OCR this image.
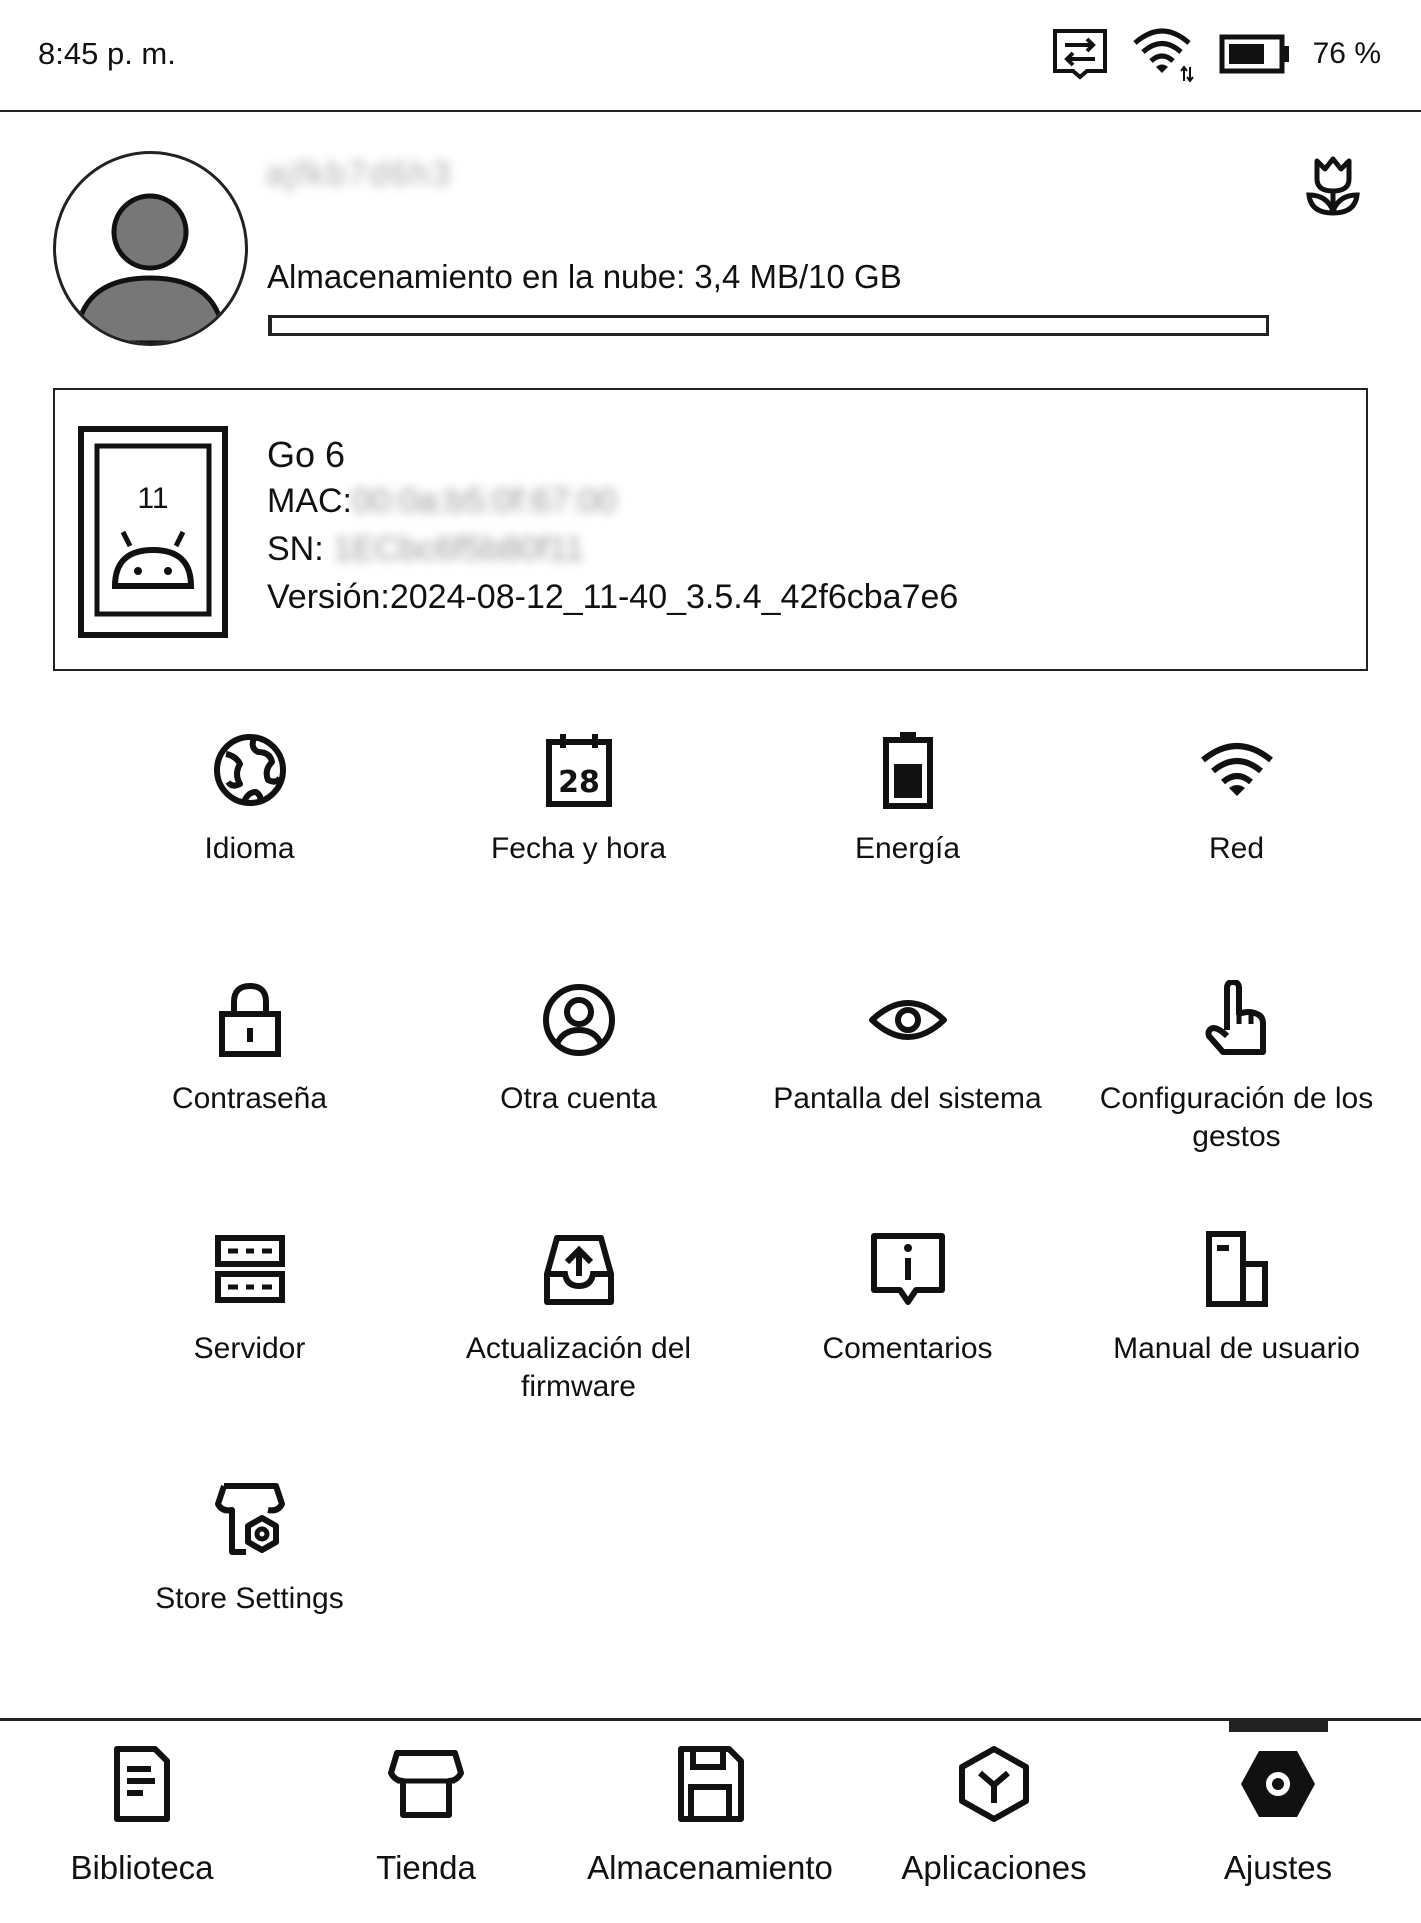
8:45 p. m.	76 %
ajfkb7d6h3
Almacenamiento en la nube: 3,4 MB/10 GB
11
Go 6
MAC:00:0a:b5:0f:67:00
SN: 1ECbc6f5b80f11
Versión:2024-08-12_11-40_3.5.4_42f6cba7e6
Idioma
28
Fecha y hora	Energía	Red
Contraseña	Otra cuenta	Pantalla del sistema	Configuración de los gestos
Servidor	Actualización del firmware
Comentarios	Manual de usuario
Store Settings
Biblioteca	Tienda	Almacenamiento	Aplicaciones	Ajustes
